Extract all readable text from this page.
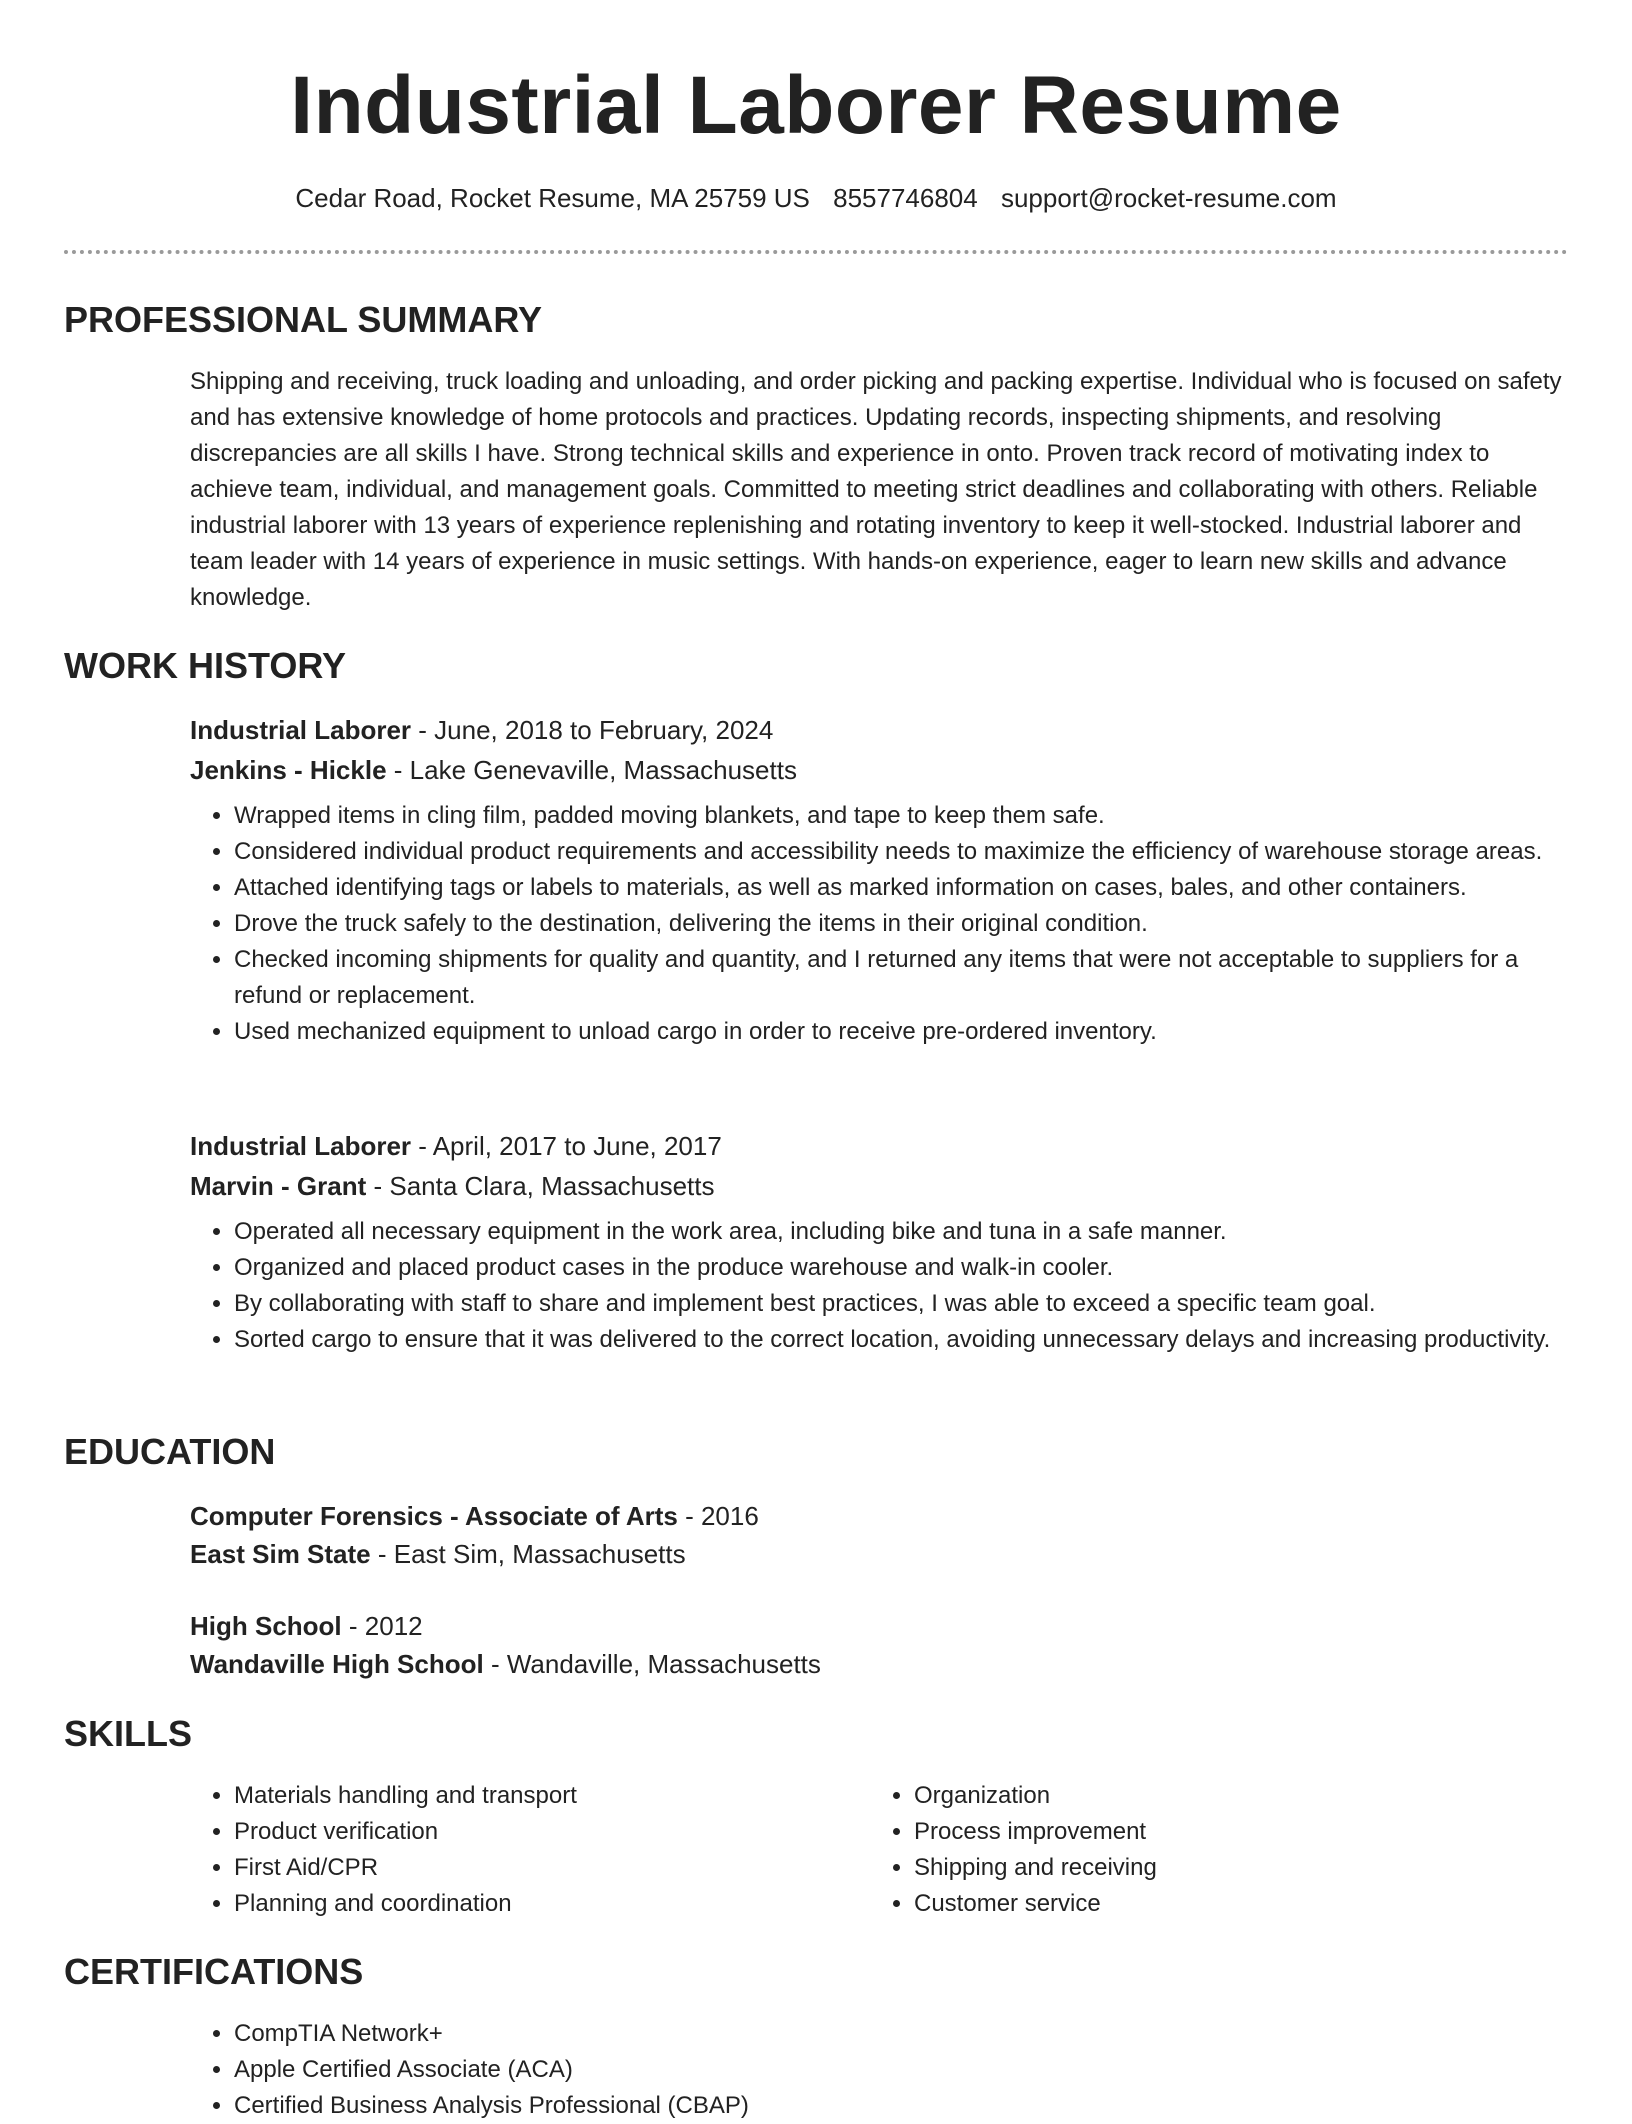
Industrial Laborer Resume
Cedar Road, Rocket Resume, MA 25759 US 8557746804 support@rocket-resume.com
PROFESSIONAL SUMMARY

Shipping and receiving, truck loading and unloading, and order picking and packing expertise. Individual who is focused on safety and has extensive knowledge of home protocols and practices. Updating records, inspecting shipments, and resolving discrepancies are all skills I have. Strong technical skills and experience in onto. Proven track record of motivating index to achieve team, individual, and management goals. Committed to meeting strict deadlines and collaborating with others. Reliable industrial laborer with 13 years of experience replenishing and rotating inventory to keep it well-stocked. Industrial laborer and team leader with 14 years of experience in music settings. With hands-on experience, eager to learn new skills and advance knowledge.

WORK HISTORY

Industrial Laborer - June, 2018 to February, 2024

Jenkins - Hickle - Lake Genevaville, Massachusetts

• Wrapped items in cling film, padded moving blankets, and tape to keep them safe.
• Considered individual product requirements and accessibility needs to maximize the efficiency of warehouse storage areas.
• Attached identifying tags or labels to materials, as well as marked information on cases, bales, and other containers.
• Drove the truck safely to the destination, delivering the items in their original condition.
• Checked incoming shipments for quality and quantity, and I returned any items that were not acceptable to suppliers for a refund or replacement.
• Used mechanized equipment to unload cargo in order to receive pre-ordered inventory.

Industrial Laborer - April, 2017 to June, 2017

Marvin - Grant - Santa Clara, Massachusetts

• Operated all necessary equipment in the work area, including bike and tuna in a safe manner.
• Organized and placed product cases in the produce warehouse and walk-in cooler.
• By collaborating with staff to share and implement best practices, I was able to exceed a specific team goal.
• Sorted cargo to ensure that it was delivered to the correct location, avoiding unnecessary delays and increasing productivity.
EDUCATION

Computer Forensics - Associate of Arts - 2016

East Sim State - East Sim, Massachusetts

High School - 2012

Wandaville High School - Wandaville, Massachusetts

SKILLS
• Materials handling and transport
• Product verification
• First Aid/CPR
• Planning and coordination
• Organization
• Process improvement
• Shipping and receiving
• Customer service
CERTIFICATIONS
• CompTIA Network+
• Apple Certified Associate (ACA)
• Certified Business Analysis Professional (CBAP)
